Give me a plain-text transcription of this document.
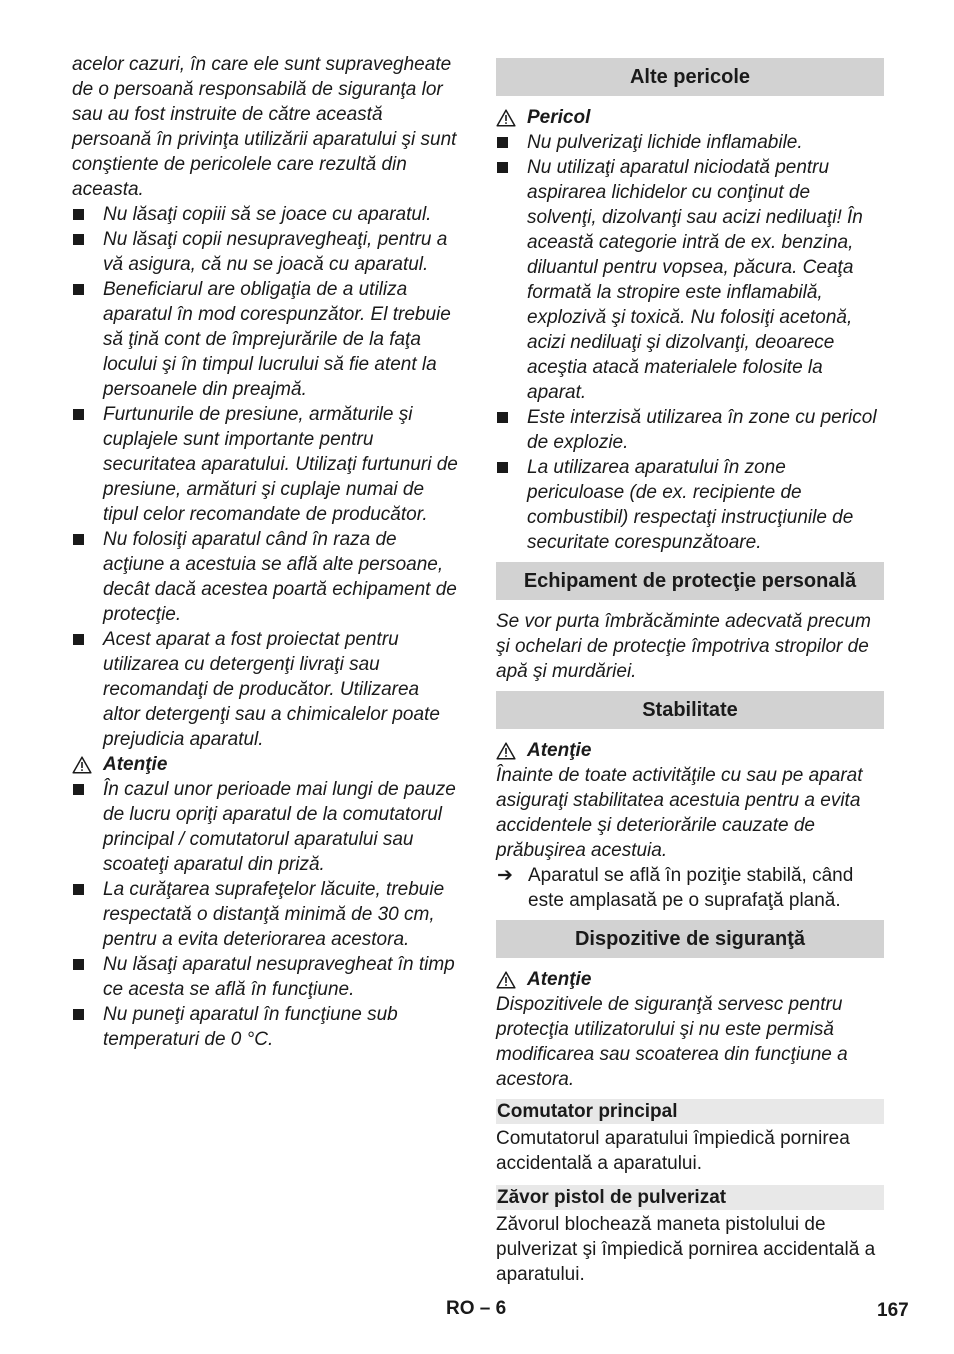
acelor cazuri, în care ele sunt supravegheate de o persoană responsabilă de siguranţa lor sau au fost instruite de către această persoană în privinţa utilizării aparatului şi sunt conştiente de pericolele care rezultă din aceasta.

Nu lăsaţi copiii să se joace cu aparatul.

Nu lăsaţi copii nesupravegheaţi, pentru a vă asigura, că nu se joacă cu aparatul.

Beneficiarul are obligaţia de a utiliza aparatul în mod corespunzător. El trebuie să ţină cont de împrejurările de la faţa locului şi în timpul lucrului să fie atent la persoanele din preajmă.

Furtunurile de presiune, armăturile şi cuplajele sunt importante pentru securitatea aparatului. Utilizaţi furtunuri de presiune, armături şi cuplaje numai de tipul celor recomandate de producător.

Nu folosiţi aparatul când în raza de acţiune a acestuia se află alte persoane, decât dacă acestea poartă echipament de protecţie.

Acest aparat a fost proiectat pentru utilizarea cu detergenţi livraţi sau recomandaţi de producător. Utilizarea altor detergenţi sau a chimicalelor poate prejudicia aparatul.

Atenţie

În cazul unor perioade mai lungi de pauze de lucru opriţi aparatul de la comutatorul principal / comutatorul aparatului sau scoateţi aparatul din priză.

La curăţarea suprafeţelor lăcuite, trebuie respectată o distanţă minimă de 30 cm, pentru a evita deteriorarea acestora.

Nu lăsaţi aparatul nesupravegheat în timp ce acesta se află în funcţiune.

Nu puneţi aparatul în funcţiune sub temperaturi de 0 °C.

Alte pericole

Pericol

Nu pulverizaţi lichide inflamabile.

Nu utilizaţi aparatul niciodată pentru aspirarea lichidelor cu conţinut de solvenţi, dizolvanţi sau acizi nediluaţi! În această categorie intră de ex. benzina, diluantul pentru vopsea, păcura. Ceaţa formată la stropire este inflamabilă, explozivă şi toxică. Nu folosiţi acetonă, acizi nediluaţi şi dizolvanţi, deoarece aceştia atacă materialele folosite la aparat.

Este interzisă utilizarea în zone cu pericol de explozie.

La utilizarea aparatului în zone periculoase (de ex. recipiente de combustibil) respectaţi instrucţiunile de securitate corespunzătoare.

Echipament de protecţie personală

Se vor purta îmbrăcăminte adecvată precum şi ochelari de protecţie împotriva stropilor de apă şi murdăriei.

Stabilitate

Atenţie

Înainte de toate activităţile cu sau pe aparat asiguraţi stabilitatea acestuia pentru a evita accidentele şi deteriorările cauzate de prăbuşirea acestuia.

➔ Aparatul se află în poziţie stabilă, când este amplasată pe o suprafaţă plană.

Dispozitive de siguranţă

Atenţie

Dispozitivele de siguranţă servesc pentru protecţia utilizatorului şi nu este permisă modificarea sau scoaterea din funcţiune a acestora.

Comutator principal

Comutatorul aparatului împiedică pornirea accidentală a aparatului.

Zăvor pistol de pulverizat

Zăvorul blochează maneta pistolului de pulverizat şi împiedică pornirea accidentală a aparatului.

RO – 6	167
